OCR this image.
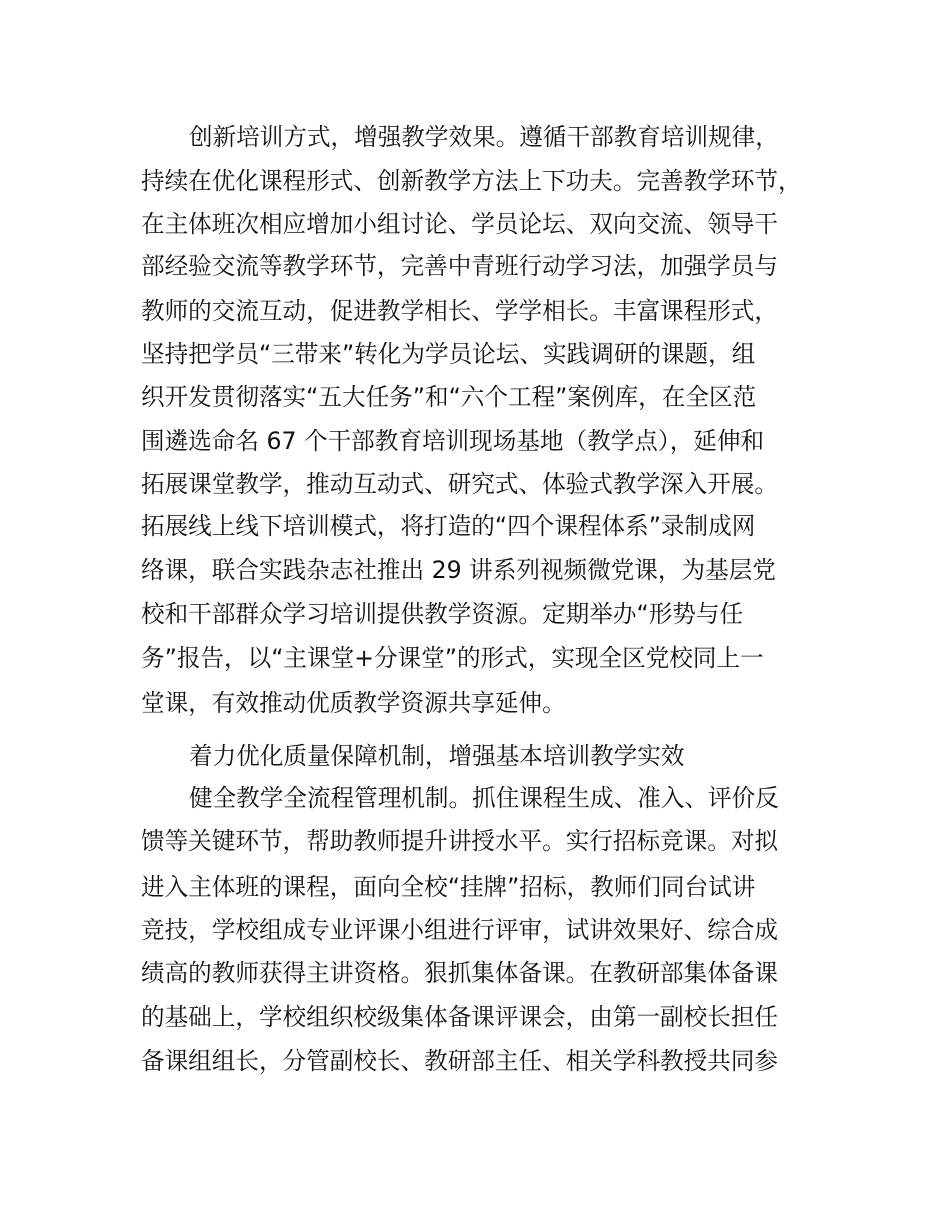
创新培训方式，增强教学效果。遵循干部教育培训规律，
持续在优化课程形式、创新教学方法上下功夫。完善教学环节，
在主体班次相应增加小组讨论、学员论坛、双向交流、领导干
部经验交流等教学环节，完善中青班行动学习法，加强学员与
教师的交流互动，促进教学相长、学学相长。丰富课程形式，
坚持把学员“三带来”转化为学员论坛、实践调研的课题，组
织开发贯彻落实“五大任务”和“六个工程”案例库，在全区范
围遴选命名 67 个干部教育培训现场基地（教学点），延伸和
拓展课堂教学，推动互动式、研究式、体验式教学深入开展。
拓展线上线下培训模式，将打造的“四个课程体系”录制成网
络课，联合实践杂志社推出 29 讲系列视频微党课，为基层党
校和干部群众学习培训提供教学资源。定期举办“形势与任
务”报告，以“主课堂+分课堂”的形式，实现全区党校同上一
堂课，有效推动优质教学资源共享延伸。
着力优化质量保障机制，增强基本培训教学实效
健全教学全流程管理机制。抓住课程生成、准入、评价反
馈等关键环节，帮助教师提升讲授水平。实行招标竞课。对拟
进入主体班的课程，面向全校“挂牌”招标，教师们同台试讲
竞技，学校组成专业评课小组进行评审，试讲效果好、综合成
绩高的教师获得主讲资格。狠抓集体备课。在教研部集体备课
的基础上，学校组织校级集体备课评课会，由第一副校长担任
备课组组长，分管副校长、教研部主任、相关学科教授共同参
